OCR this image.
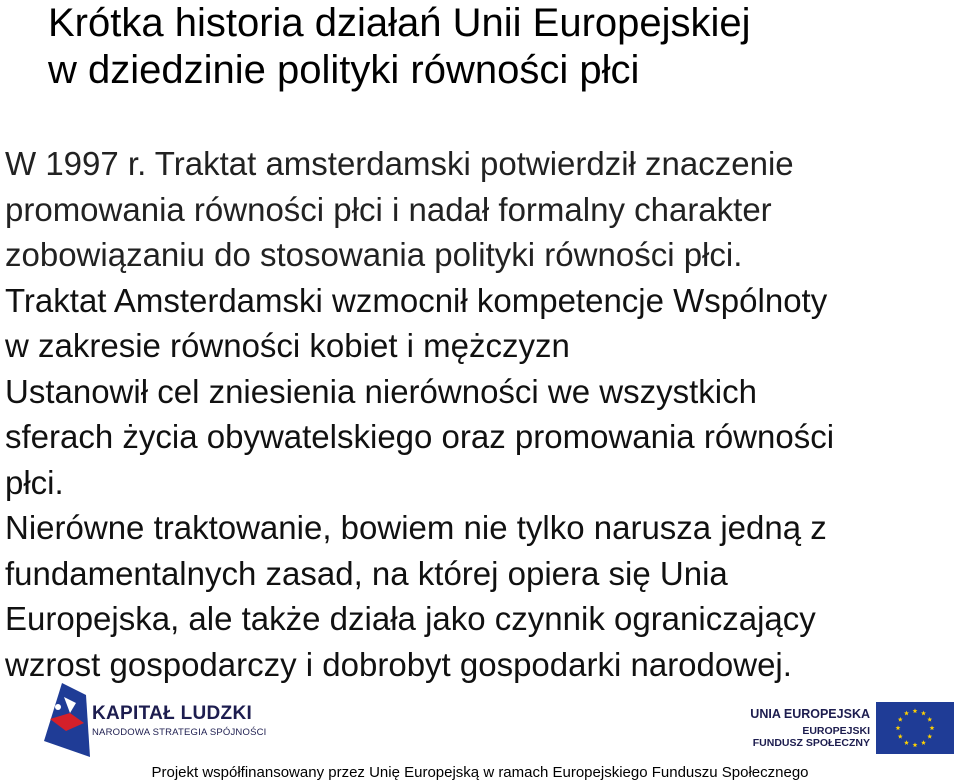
Krótka historia działań Unii Europejskiej
w dziedzinie polityki równości płci

W 1997 r. Traktat amsterdamski potwierdził znaczenie
promowania równości płci i nadał formalny charakter
zobowiązaniu do stosowania polityki równości płci.

Traktat Amsterdamski wzmocnił kompetencje Wspólnoty
w zakresie równości kobiet i mężczyzn

Ustanowił cel zniesienia nierówności we wszystkich
sferach życia obywatelskiego oraz promowania równości
płci.

Nierówne traktowanie, bowiem nie tylko narusza jedną z
fundamentalnych zasad, na której opiera się Unia
Europejska, ale także działa jako czynnik ograniczający
wzrost gospodarczy i dobrobyt gospodarki narodowej.

KAPITAŁ LUDZKI
NARODOWA STRATEGIA SPÓJNOŚCI
UNIA EUROPEJSKA
EUROPEJSKI
FUNDUSZ SPOŁECZNY
Projekt współfinansowany przez Unię Europejską w ramach Europejskiego Funduszu Społecznego
